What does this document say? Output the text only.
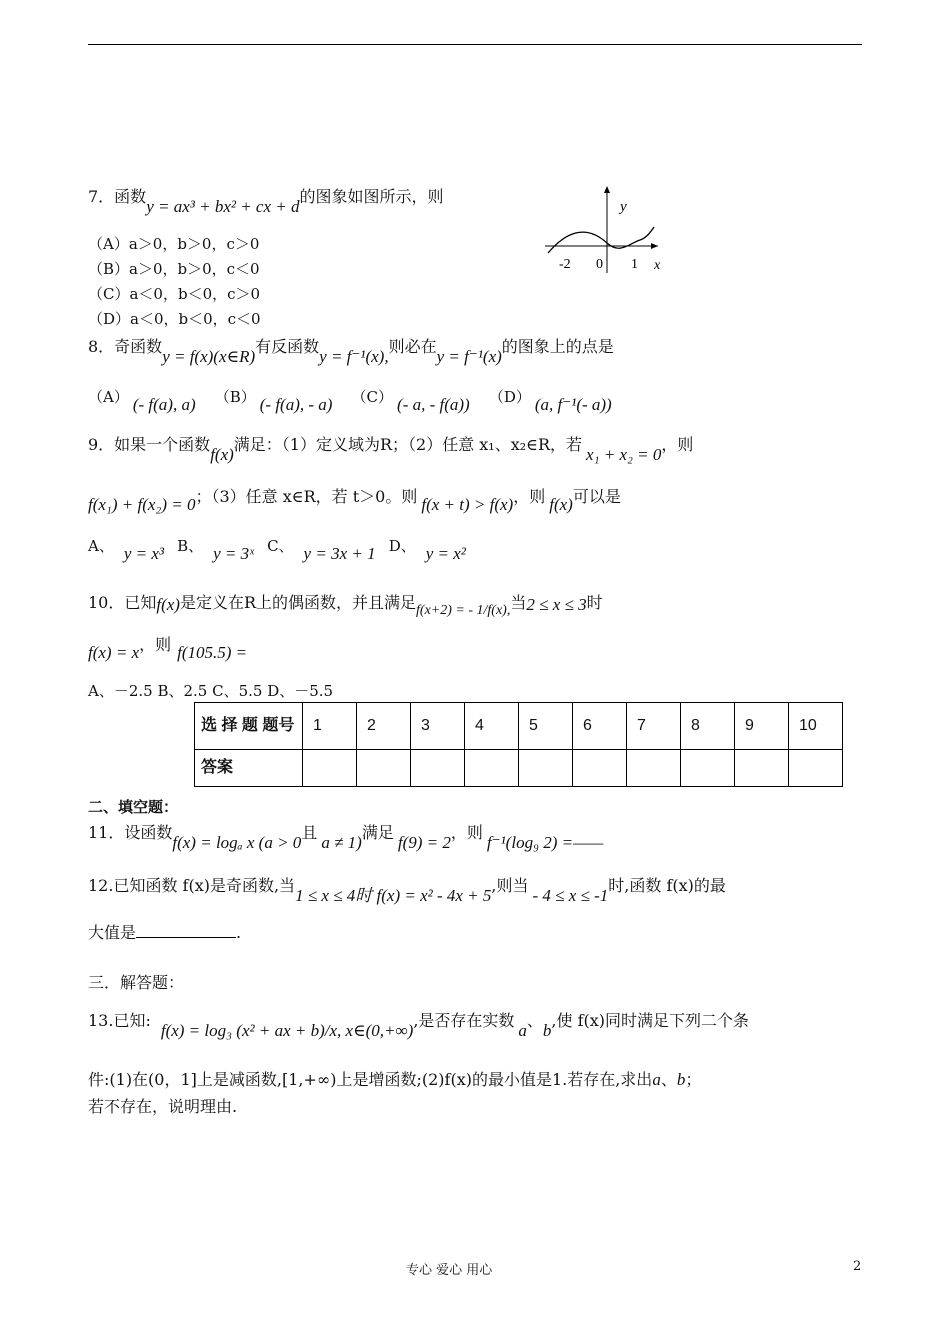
7．函数y = ax³ + bx² + cx + d的图象如图所示，则
（A）a＞0，b＞0，c＞0
（B）a＞0，b＞0，c＜0
（C）a＜0，b＜0，c＞0
（D）a＜0，b＜0，c＜0
y
x
-2 0 1
8．奇函数y = f(x)(x∈R)有反函数y = f⁻¹(x),则必在y = f⁻¹(x)的图象上的点是
（A） (- f(a), a) （B） (- f(a), - a) （C） (- a, - f(a)) （D） (a, f⁻¹(- a))
9．如果一个函数f(x)满足：（1）定义域为R；（2）任意 x₁、x₂∈R，若x₁ + x₂ = 0，则
f(x₁) + f(x₂) = 0；（3）任意 x∈R，若 t＞0。则 f(x + t) > f(x)，则 f(x)可以是
A、 y = x³ B、 y = 3ˣ C、 y = 3x + 1 D、 y = x²
10．已知f(x)是定义在R上的偶函数，并且满足f(x+2) = - 1/f(x),当2 ≤ x ≤ 3时
f(x) = x，则 f(105.5) =
A、－2.5 B、2.5 C、5.5 D、－5.5
选 择 题 题号	1	2	3	4	5	6	7	8	9	10
答案										
二、填空题：
11．设函数f(x) = logₐ x (a > 0且a ≠ 1)满足f(9) = 2，则f⁻¹(log₉ 2) =——
12.已知函数 f(x)是奇函数,当1 ≤ x ≤ 4时 f(x) = x² - 4x + 5,则当- 4 ≤ x ≤ -1时,函数 f(x)的最
大值是	.
三．解答题：
13.已知:f(x) = log₃ (x² + ax + b)/x, x∈(0,+∞),是否存在实数a、b,使 f(x)同时满足下列二个条
件:(1)在(0，1]上是减函数,[1,+∞)上是增函数;(2)f(x)的最小值是1.若存在,求出a、b；
若不存在，说明理由.
专心 爱心 用心	2
